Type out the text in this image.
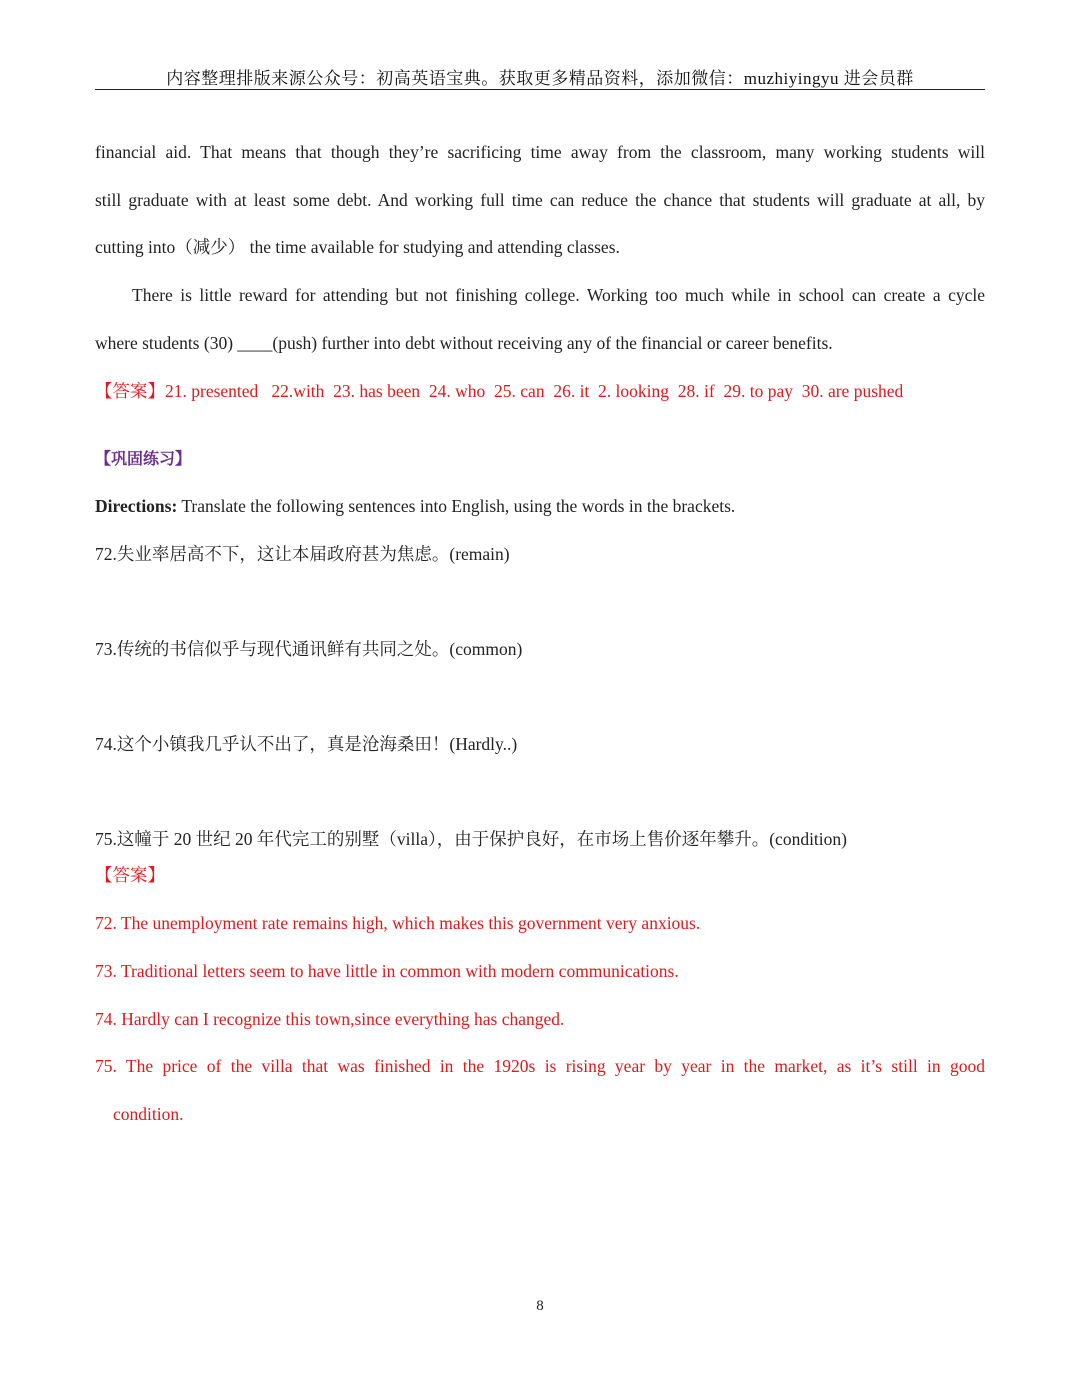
内容整理排版来源公众号：初高英语宝典。获取更多精品资料，添加微信：muzhiyingyu 进会员群
financial aid. That means that though they’re sacrificing time away from the classroom, many working students will
still graduate with at least some debt. And working full time can reduce the chance that students will graduate at all, by
cutting into（减少） the time available for studying and attending classes.
There is little reward for attending but not finishing college. Working too much while in school can create a cycle
where students (30) ____(push) further into debt without receiving any of the financial or career benefits.
【答案】21. presented   22.with  23. has been  24. who  25. can  26. it  2. looking  28. if  29. to pay  30. are pushed
【巩固练习】
Directions: Translate the following sentences into English, using the words in the brackets.
72.失业率居高不下，这让本届政府甚为焦虑。(remain)
73.传统的书信似乎与现代通讯鲜有共同之处。(common)
74.这个小镇我几乎认不出了，真是沧海桑田！(Hardly..)
75.这幢于 20 世纪 20 年代完工的别墅（villa），由于保护良好，在市场上售价逐年攀升。(condition)
【答案】
72. The unemployment rate remains high, which makes this government very anxious.
73. Traditional letters seem to have little in common with modern communications.
74. Hardly can I recognize this town,since everything has changed.
75. The price of the villa that was finished in the 1920s is rising year by year in the market, as it’s still in good
condition.
8
